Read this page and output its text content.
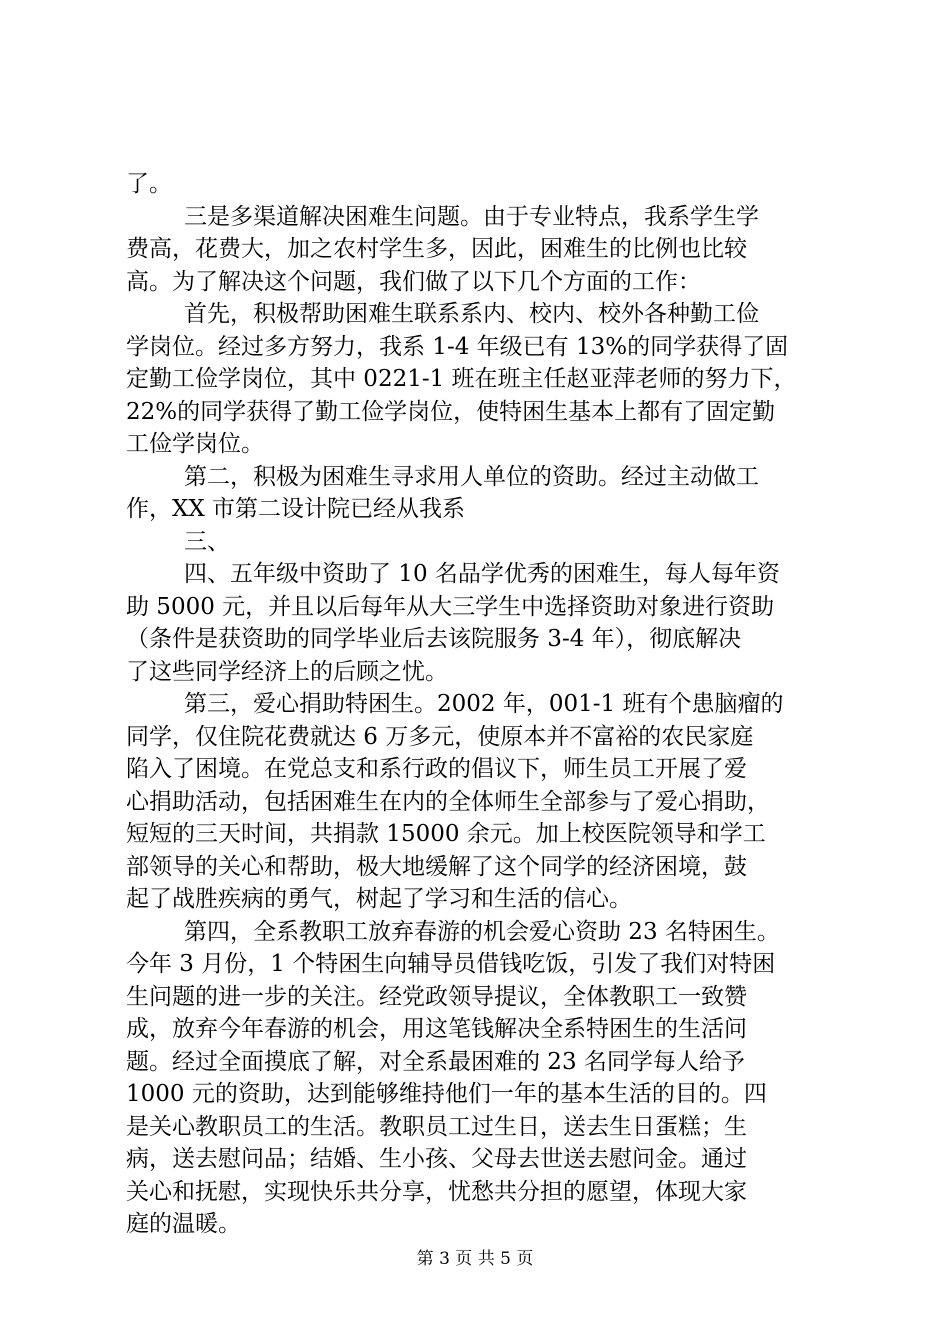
了。
三是多渠道解决困难生问题。由于专业特点，我系学生学
费高，花费大，加之农村学生多，因此，困难生的比例也比较
高。为了解决这个问题，我们做了以下几个方面的工作：
首先，积极帮助困难生联系系内、校内、校外各种勤工俭
学岗位。经过多方努力，我系 1-4 年级已有 13%的同学获得了固
定勤工俭学岗位，其中 0221-1 班在班主任赵亚萍老师的努力下，
22%的同学获得了勤工俭学岗位，使特困生基本上都有了固定勤
工俭学岗位。
第二，积极为困难生寻求用人单位的资助。经过主动做工
作，XX 市第二设计院已经从我系
三、
四、五年级中资助了 10 名品学优秀的困难生，每人每年资
助 5000 元，并且以后每年从大三学生中选择资助对象进行资助
（条件是获资助的同学毕业后去该院服务 3-4 年），彻底解决
了这些同学经济上的后顾之忧。
第三，爱心捐助特困生。2002 年，001-1 班有个患脑瘤的
同学，仅住院花费就达 6 万多元，使原本并不富裕的农民家庭
陷入了困境。在党总支和系行政的倡议下，师生员工开展了爱
心捐助活动，包括困难生在内的全体师生全部参与了爱心捐助，
短短的三天时间，共捐款 15000 余元。加上校医院领导和学工
部领导的关心和帮助，极大地缓解了这个同学的经济困境，鼓
起了战胜疾病的勇气，树起了学习和生活的信心。
第四，全系教职工放弃春游的机会爱心资助 23 名特困生。
今年 3 月份，1 个特困生向辅导员借钱吃饭，引发了我们对特困
生问题的进一步的关注。经党政领导提议，全体教职工一致赞
成，放弃今年春游的机会，用这笔钱解决全系特困生的生活问
题。经过全面摸底了解，对全系最困难的 23 名同学每人给予
1000 元的资助，达到能够维持他们一年的基本生活的目的。四
是关心教职员工的生活。教职员工过生日，送去生日蛋糕；生
病，送去慰问品；结婚、生小孩、父母去世送去慰问金。通过
关心和抚慰，实现快乐共分享，忧愁共分担的愿望，体现大家
庭的温暖。
第 3 页 共 5 页
